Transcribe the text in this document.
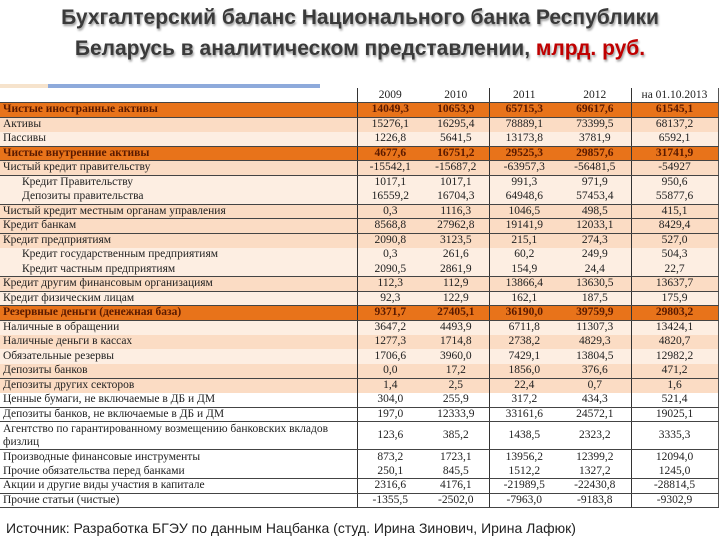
Бухгалтерский баланс Национального банка Республики
Беларусь в аналитическом представлении, млрд. руб.
	2009	2010	2011	2012	на 01.10.2013
Чистые иностранные активы	14049,3	10653,9	65715,3	69617,6	61545,1
Активы	15276,1	16295,4	78889,1	73399,5	68137,2
Пассивы	1226,8	5641,5	13173,8	3781,9	6592,1
Чистые внутренние активы	4677,6	16751,2	29525,3	29857,6	31741,9
Чистый кредит правительству	-15542,1	-15687,2	-63957,3	-56481,5	-54927
Кредит Правительству	1017,1	1017,1	991,3	971,9	950,6
Депозиты правительства	16559,2	16704,3	64948,6	57453,4	55877,6
Чистый кредит местным органам управления	0,3	1116,3	1046,5	498,5	415,1
Кредит банкам	8568,8	27962,8	19141,9	12033,1	8429,4
Кредит предприятиям	2090,8	3123,5	215,1	274,3	527,0
Кредит государственным предприятиям	0,3	261,6	60,2	249,9	504,3
Кредит частным предприятиям	2090,5	2861,9	154,9	24,4	22,7
Кредит другим финансовым организациям	112,3	112,9	13866,4	13630,5	13637,7
Кредит физическим лицам	92,3	122,9	162,1	187,5	175,9
Резервные деньги (денежная база)	9371,7	27405,1	36190,0	39759,9	29803,2
Наличные в обращении	3647,2	4493,9	6711,8	11307,3	13424,1
Наличные деньги в кассах	1277,3	1714,8	2738,2	4829,3	4820,7
Обязательные резервы	1706,6	3960,0	7429,1	13804,5	12982,2
Депозиты банков	0,0	17,2	1856,0	376,6	471,2
Депозиты других секторов	1,4	2,5	22,4	0,7	1,6
Ценные бумаги, не включаемые в ДБ и ДМ	304,0	255,9	317,2	434,3	521,4
Депозиты банков, не включаемые в ДБ и ДМ	197,0	12333,9	33161,6	24572,1	19025,1
Агентство по гарантированному возмещению банковских вкладов физлиц	123,6	385,2	1438,5	2323,2	3335,3
Производные финансовые инструменты	873,2	1723,1	13956,2	12399,2	12094,0
Прочие обязательства перед банками	250,1	845,5	1512,2	1327,2	1245,0
Акции и другие виды участия в капитале	2316,6	4176,1	-21989,5	-22430,8	-28814,5
Прочие статьи (чистые)	-1355,5	-2502,0	-7963,0	-9183,8	-9302,9
Источник: Разработка БГЭУ по данным Нацбанка (студ. Ирина Зинович, Ирина Лафюк)
